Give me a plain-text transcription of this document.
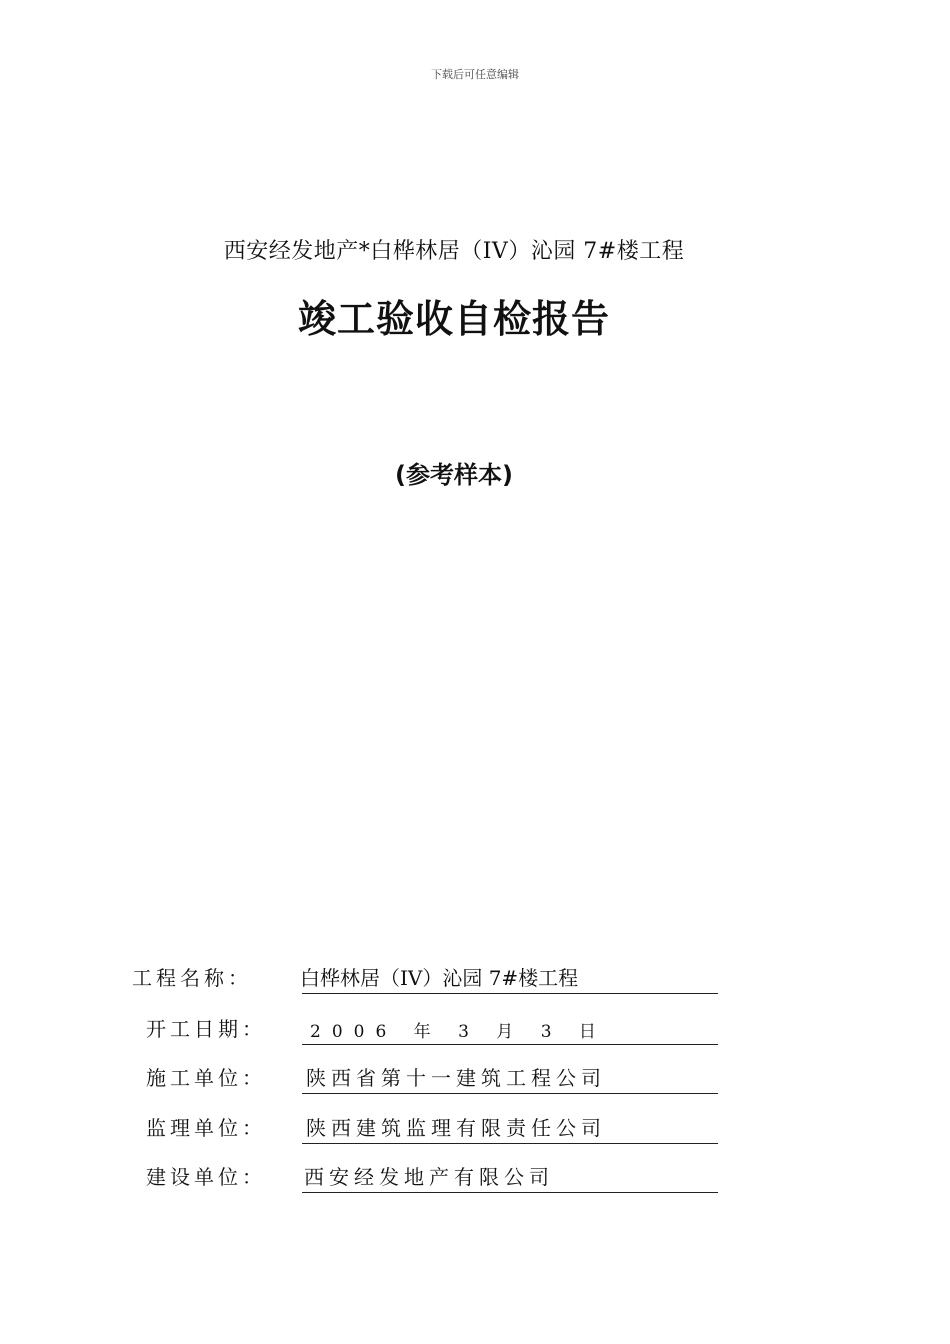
下载后可任意编辑
西安经发地产*白桦林居（IV）沁园 7#楼工程
竣工验收自检报告
(参考样本)
工程名称： 白桦林居（IV）沁园 7#楼工程
开工日期：	2006 年 3 月 3 日
施工单位： 陕西省第十一建筑工程公司
监理单位： 陕西建筑监理有限责任公司
建设单位： 西安经发地产有限公司
